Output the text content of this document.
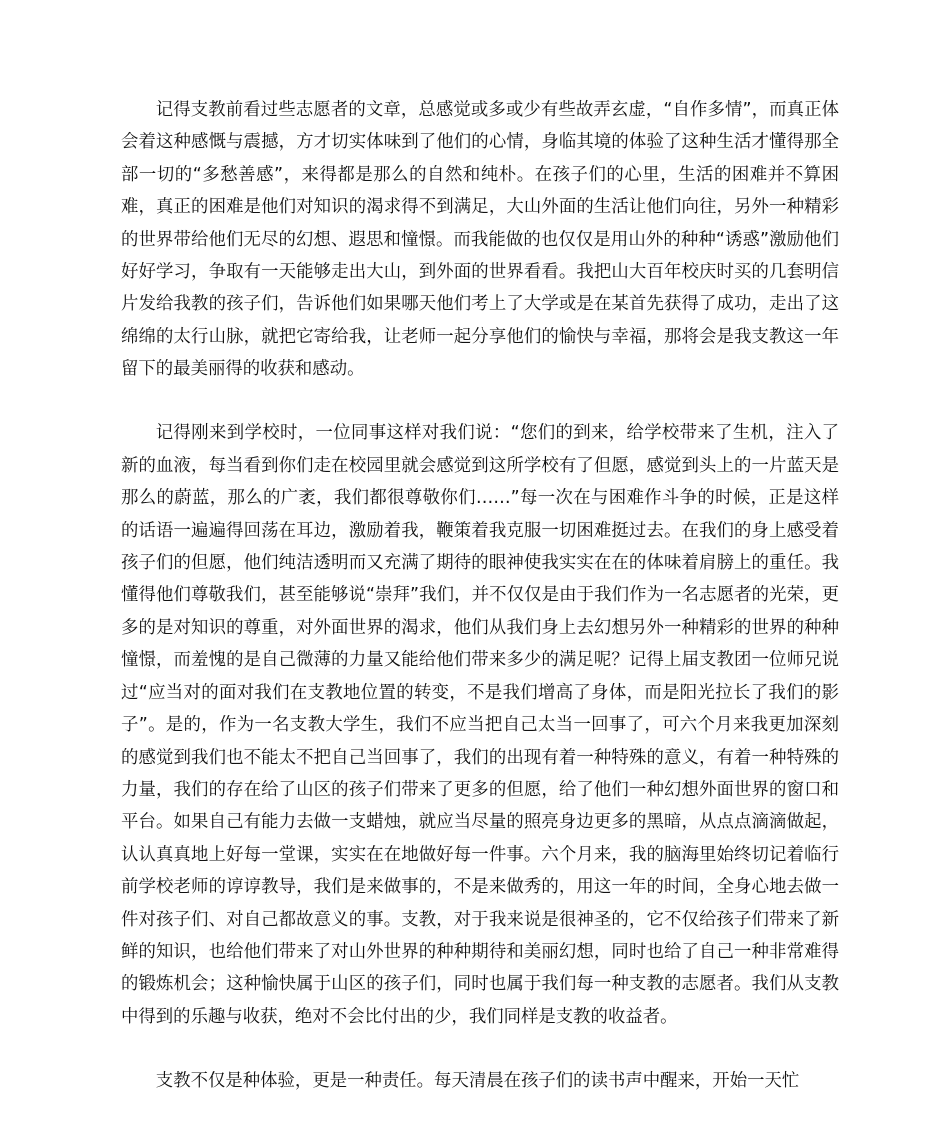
记得支教前看过些志愿者的文章，总感觉或多或少有些故弄玄虚，“自作多情”，而真正体会着这种感慨与震撼，方才切实体味到了他们的心情，身临其境的体验了这种生活才懂得那全部一切的“多愁善感”，来得都是那么的自然和纯朴。在孩子们的心里，生活的困难并不算困难，真正的困难是他们对知识的渴求得不到满足，大山外面的生活让他们向往，另外一种精彩的世界带给他们无尽的幻想、遐思和憧憬。而我能做的也仅仅是用山外的种种“诱惑”激励他们好好学习，争取有一天能够走出大山，到外面的世界看看。我把山大百年校庆时买的几套明信片发给我教的孩子们，告诉他们如果哪天他们考上了大学或是在某首先获得了成功，走出了这绵绵的太行山脉，就把它寄给我，让老师一起分享他们的愉快与幸福，那将会是我支教这一年留下的最美丽得的收获和感动。

记得刚来到学校时，一位同事这样对我们说：“您们的到来，给学校带来了生机，注入了新的血液，每当看到你们走在校园里就会感觉到这所学校有了但愿，感觉到头上的一片蓝天是那么的蔚蓝，那么的广袤，我们都很尊敬你们……”每一次在与困难作斗争的时候，正是这样的话语一遍遍得回荡在耳边，激励着我，鞭策着我克服一切困难挺过去。在我们的身上感受着孩子们的但愿，他们纯洁透明而又充满了期待的眼神使我实实在在的体味着肩膀上的重任。我懂得他们尊敬我们，甚至能够说“崇拜”我们，并不仅仅是由于我们作为一名志愿者的光荣，更多的是对知识的尊重，对外面世界的渴求，他们从我们身上去幻想另外一种精彩的世界的种种憧憬，而羞愧的是自己微薄的力量又能给他们带来多少的满足呢？记得上届支教团一位师兄说过“应当对的面对我们在支教地位置的转变，不是我们增高了身体，而是阳光拉长了我们的影子”。是的，作为一名支教大学生，我们不应当把自己太当一回事了，可六个月来我更加深刻的感觉到我们也不能太不把自己当回事了，我们的出现有着一种特殊的意义，有着一种特殊的力量，我们的存在给了山区的孩子们带来了更多的但愿，给了他们一种幻想外面世界的窗口和平台。如果自己有能力去做一支蜡烛，就应当尽量的照亮身边更多的黑暗，从点点滴滴做起，认认真真地上好每一堂课，实实在在地做好每一件事。六个月来，我的脑海里始终切记着临行前学校老师的谆谆教导，我们是来做事的，不是来做秀的，用这一年的时间，全身心地去做一件对孩子们、对自己都故意义的事。支教，对于我来说是很神圣的，它不仅给孩子们带来了新鲜的知识，也给他们带来了对山外世界的种种期待和美丽幻想，同时也给了自己一种非常难得的锻炼机会；这种愉快属于山区的孩子们，同时也属于我们每一种支教的志愿者。我们从支教中得到的乐趣与收获，绝对不会比付出的少，我们同样是支教的收益者。

支教不仅是种体验，更是一种责任。每天清晨在孩子们的读书声中醒来，开始一天忙
